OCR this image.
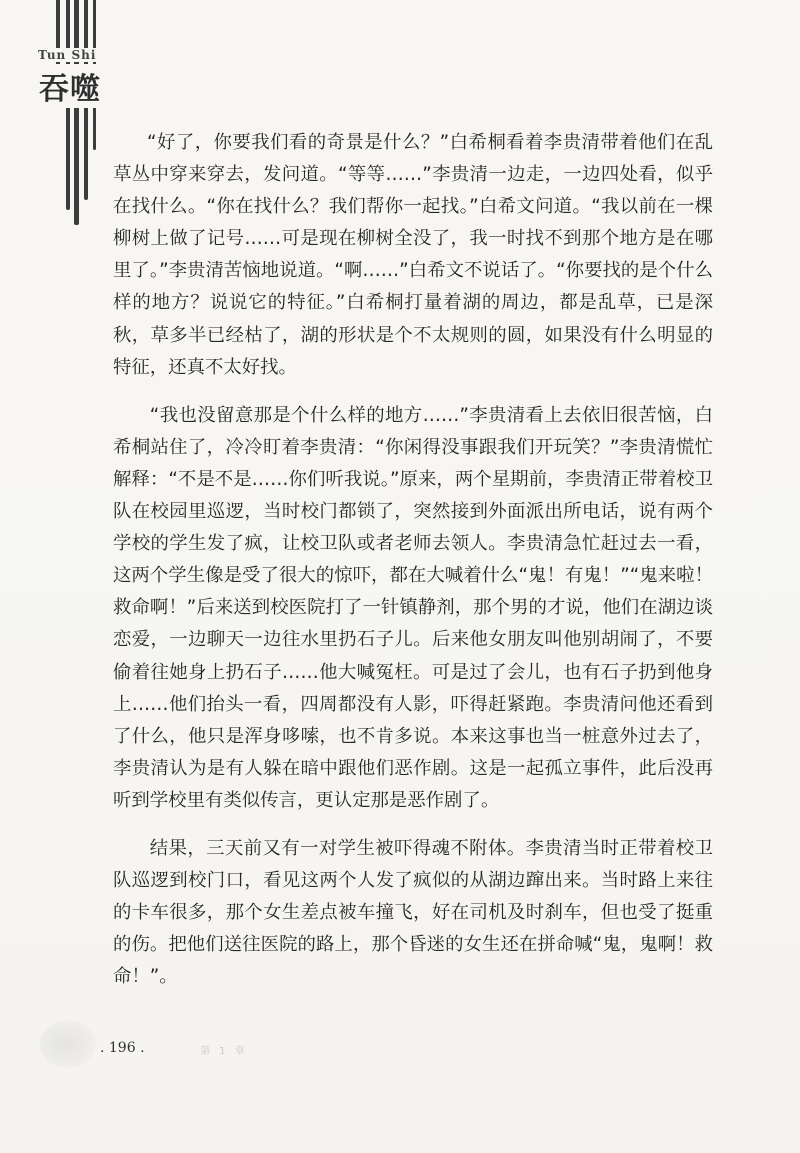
Tun Shi
吞噬

“好了，你要我们看的奇景是什么？”白希桐看着李贵清带着他们在乱草丛中穿来穿去，发问道。“等等……”李贵清一边走，一边四处看，似乎在找什么。“你在找什么？我们帮你一起找。”白希文问道。“我以前在一棵柳树上做了记号……可是现在柳树全没了，我一时找不到那个地方是在哪里了。”李贵清苦恼地说道。“啊……”白希文不说话了。“你要找的是个什么样的地方？说说它的特征。”白希桐打量着湖的周边，都是乱草，已是深秋，草多半已经枯了，湖的形状是个不太规则的圆，如果没有什么明显的特征，还真不太好找。

“我也没留意那是个什么样的地方……”李贵清看上去依旧很苦恼，白希桐站住了，冷冷盯着李贵清：“你闲得没事跟我们开玩笑？”李贵清慌忙解释：“不是不是……你们听我说。”原来，两个星期前，李贵清正带着校卫队在校园里巡逻，当时校门都锁了，突然接到外面派出所电话，说有两个学校的学生发了疯，让校卫队或者老师去领人。李贵清急忙赶过去一看，这两个学生像是受了很大的惊吓，都在大喊着什么“鬼！有鬼！”“鬼来啦！救命啊！”后来送到校医院打了一针镇静剂，那个男的才说，他们在湖边谈恋爱，一边聊天一边往水里扔石子儿。后来他女朋友叫他别胡闹了，不要偷着往她身上扔石子……他大喊冤枉。可是过了会儿，也有石子扔到他身上……他们抬头一看，四周都没有人影，吓得赶紧跑。李贵清问他还看到了什么，他只是浑身哆嗦，也不肯多说。本来这事也当一桩意外过去了，李贵清认为是有人躲在暗中跟他们恶作剧。这是一起孤立事件，此后没再听到学校里有类似传言，更认定那是恶作剧了。

结果，三天前又有一对学生被吓得魂不附体。李贵清当时正带着校卫队巡逻到校门口，看见这两个人发了疯似的从湖边蹿出来。当时路上来往的卡车很多，那个女生差点被车撞飞，好在司机及时刹车，但也受了挺重的伤。把他们送往医院的路上，那个昏迷的女生还在拼命喊“鬼，鬼啊！救命！”。

. 196 .	第 1 章
